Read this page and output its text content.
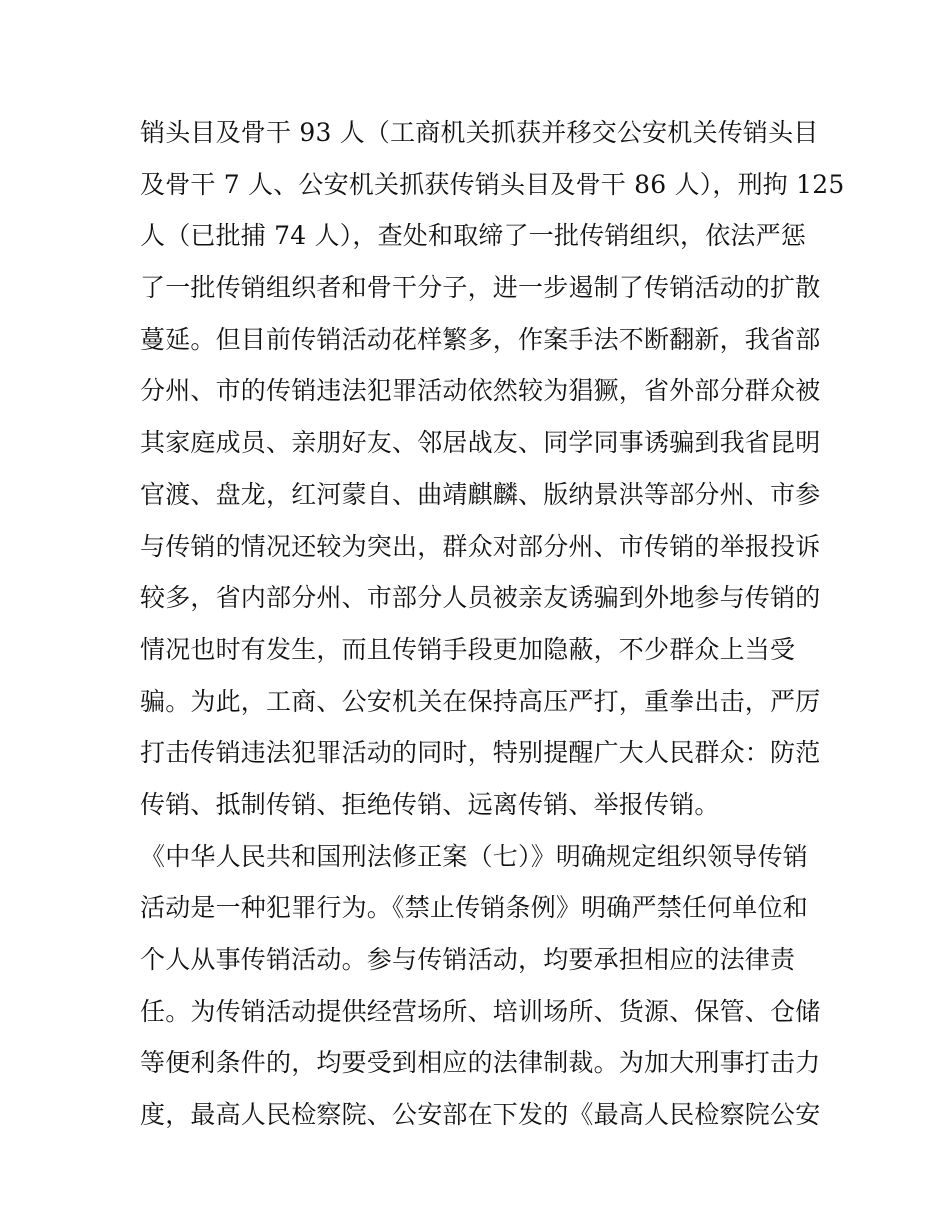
销头目及骨干 93 人（工商机关抓获并移交公安机关传销头目
及骨干 7 人、公安机关抓获传销头目及骨干 86 人），刑拘 125
人（已批捕 74 人），查处和取缔了一批传销组织，依法严惩
了一批传销组织者和骨干分子，进一步遏制了传销活动的扩散
蔓延。但目前传销活动花样繁多，作案手法不断翻新，我省部
分州、市的传销违法犯罪活动依然较为猖獗，省外部分群众被
其家庭成员、亲朋好友、邻居战友、同学同事诱骗到我省昆明
官渡、盘龙，红河蒙自、曲靖麒麟、版纳景洪等部分州、市参
与传销的情况还较为突出，群众对部分州、市传销的举报投诉
较多，省内部分州、市部分人员被亲友诱骗到外地参与传销的
情况也时有发生，而且传销手段更加隐蔽，不少群众上当受
骗。为此，工商、公安机关在保持高压严打，重拳出击，严厉
打击传销违法犯罪活动的同时，特别提醒广大人民群众：防范
传销、抵制传销、拒绝传销、远离传销、举报传销。
《中华人民共和国刑法修正案（七）》明确规定组织领导传销
活动是一种犯罪行为。《禁止传销条例》明确严禁任何单位和
个人从事传销活动。参与传销活动，均要承担相应的法律责
任。为传销活动提供经营场所、培训场所、货源、保管、仓储
等便利条件的，均要受到相应的法律制裁。为加大刑事打击力
度，最高人民检察院、公安部在下发的《最高人民检察院公安
